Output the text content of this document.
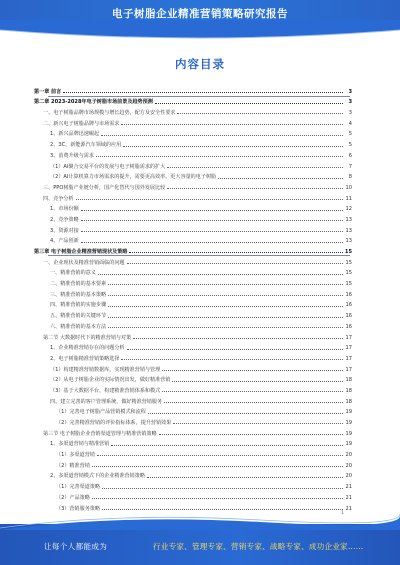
电子树脂企业精准营销策略研究报告
内容目录
第一章 前言	3
第二章 2023-2028年电子树脂市场前景及趋势预测	3
一、电子树脂品牌市场规模与增长趋势，配方及安全性要求	3
二、新兴电子树脂品牌与市场需求	4
1、新兴品牌迅速崛起	5
2、3C、新能源汽车领域的应用	5
3、消费升级与需求	6
（1）AI聚合交易平台的发展与电子树脂需求的扩大	7
（2）AI计算机算力市场需求的提升，需要更高效率、更大容量的电子树脂	8
三、PPO树脂产业链分析，国产化替代与国外发展比较	10
四、竞争分析	11
1、市场份额	12
2、竞争策略	13
3、资源对接	13
4、产品创新	13
第三章 电子树脂企业精准营销现状及策略	15
一、企业现状及精准营销面临的问题	15
一、精准营销的意义	15
二、精准营销的基本要素	15
三、精准营销的基本策略	16
四、精准营销的实施步骤	16
五、精准营销的关键环节	16
六、精准营销的基本方法	16
第二节 大数据时代下的精准营销与对策	17
1、企业精准营销存在的问题分析	17
2、电子树脂精准营销策略选择	17
（1）构建精准营销数据库，实现精准营销与管理	17
（2）从电子树脂企业的实际情况出发，做好精准营销	18
（3）基于大数据平台，构建精准营销体系和模式	18
四、建立完善的客户管理系统，做好精准营销服务	18
（1）完善电子树脂产品营销模式和流程	19
（2）完善精准营销的评价指标体系，提升营销效果	19
第三节 电子树脂企业营销渠道管理与精准营销策略	19
1、多渠道营销与精准营销	19
（1）多渠道营销	20
（2）精准营销	20
2、多渠道营销模式下的企业精准营销策略	20
（1）完善渠道策略	21
（2）产品策略	21
（3）营销服务策略	21
1
让每个人都能成为	行业专家、管理专家、营销专家、战略专家、成功企业家……
